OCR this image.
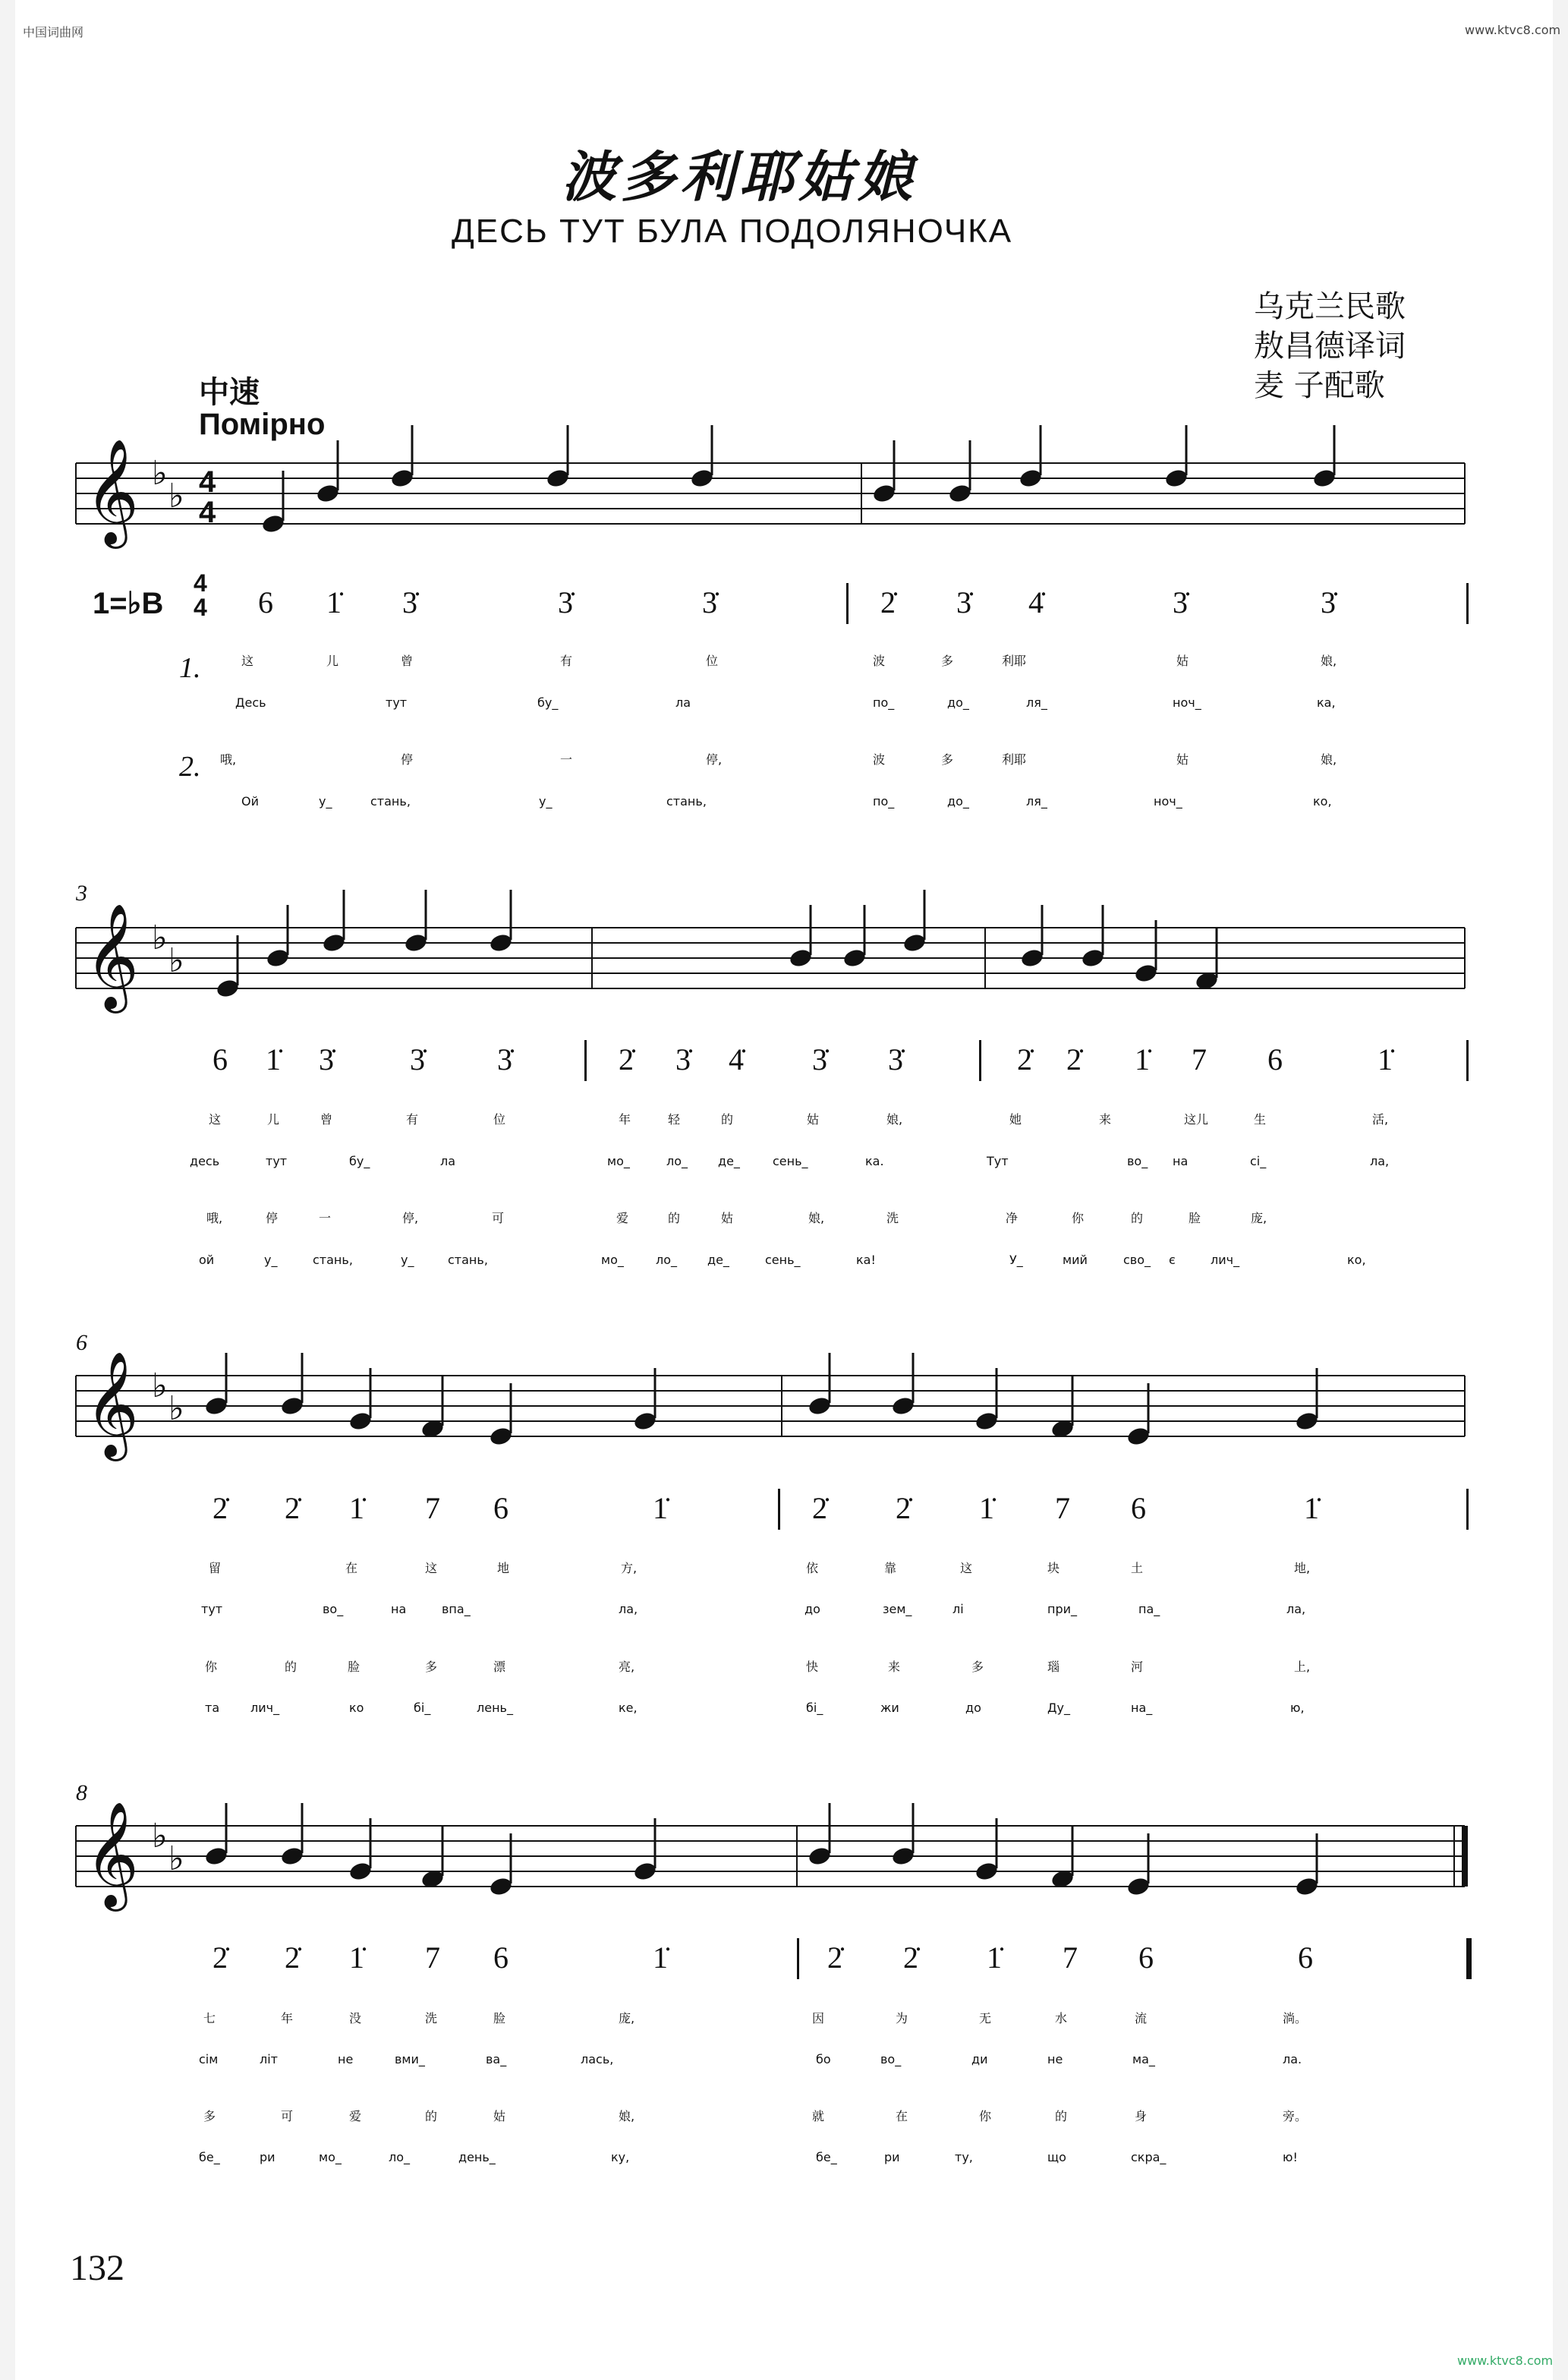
中国词曲网	www.ktvc8.com
www.ktvc8.com
波多利耶姑娘
ДЕСЬ ТУТ БУЛА ПОДОЛЯНОЧКА
乌克兰民歌
敖昌德译词
麦 子配歌
中速
Помірно
𝄞 ♭
♭ 4
4
𝄞 ♭
♭
𝄞 ♭
♭
𝄞 ♭
♭
3
6
8
1=♭B
4
4
1.
2.
6 1̇ 3̇	3̇	3̇	2̇ 3̇ 4̇	3̇	3̇
6 1̇ 3̇	3̇ 3̇	2̇ 3̇ 4̇ 3̇ 3̇	2̇ 2̇ 1̇ 7 6	1̇
2̇ 2̇ 1̇ 7 6	1̇	2̇ 2̇ 1̇ 7 6	1̇
2̇ 2̇ 1̇ 7 6	1̇	2̇ 2̇ 1̇ 7 6	6
这	儿	曾	有	位	波	多	利耶	姑	娘,
Десь	тут	бу_	ла	по_	до_	ля_	ноч_	ка,
哦,	停	一	停,	波	多	利耶	姑	娘,
Ой	у_	стань,	у_	стань,	по_	до_	ля_	ноч_	ко,
这	儿	曾	有	位	年	轻	的	姑	娘,	她	来	这儿	生	活,
десь	тут	бу_	ла	мо_	ло_ де_	сень_	ка.	Тут	во_ на	сі_	ла,
哦,	停	一	停,	可	爱	的	姑	娘,	洗	净	你	的	脸	庞,
ой	у_	стань,	у_	стань,	мо_	ло_ де_	сень_	ка!	У_	мий	сво_ є	лич_	ко,
留	在	这	地	方,	依	靠	这	块	土	地,
тут	во_	на	впа_	ла,	до	зем_	лі	при_	па_	ла,
你	的	脸	多	漂	亮,	快	来	多	瑙	河	上,
та	лич_	ко	бі_	лень_	ке,	бі_	жи	до	Ду_	на_	ю,
七	年	没	洗	脸	庞,	因	为	无	水	流	淌。
сім	літ	не	вми_	ва_	лась,	бо	во_	ди	не	ма_	ла.
多	可	爱	的	姑	娘,	就	在	你	的	身	旁。
бе_	ри	мо_	ло_	день_	ку,	бе_	ри	ту,	що	скра_	ю!
132
